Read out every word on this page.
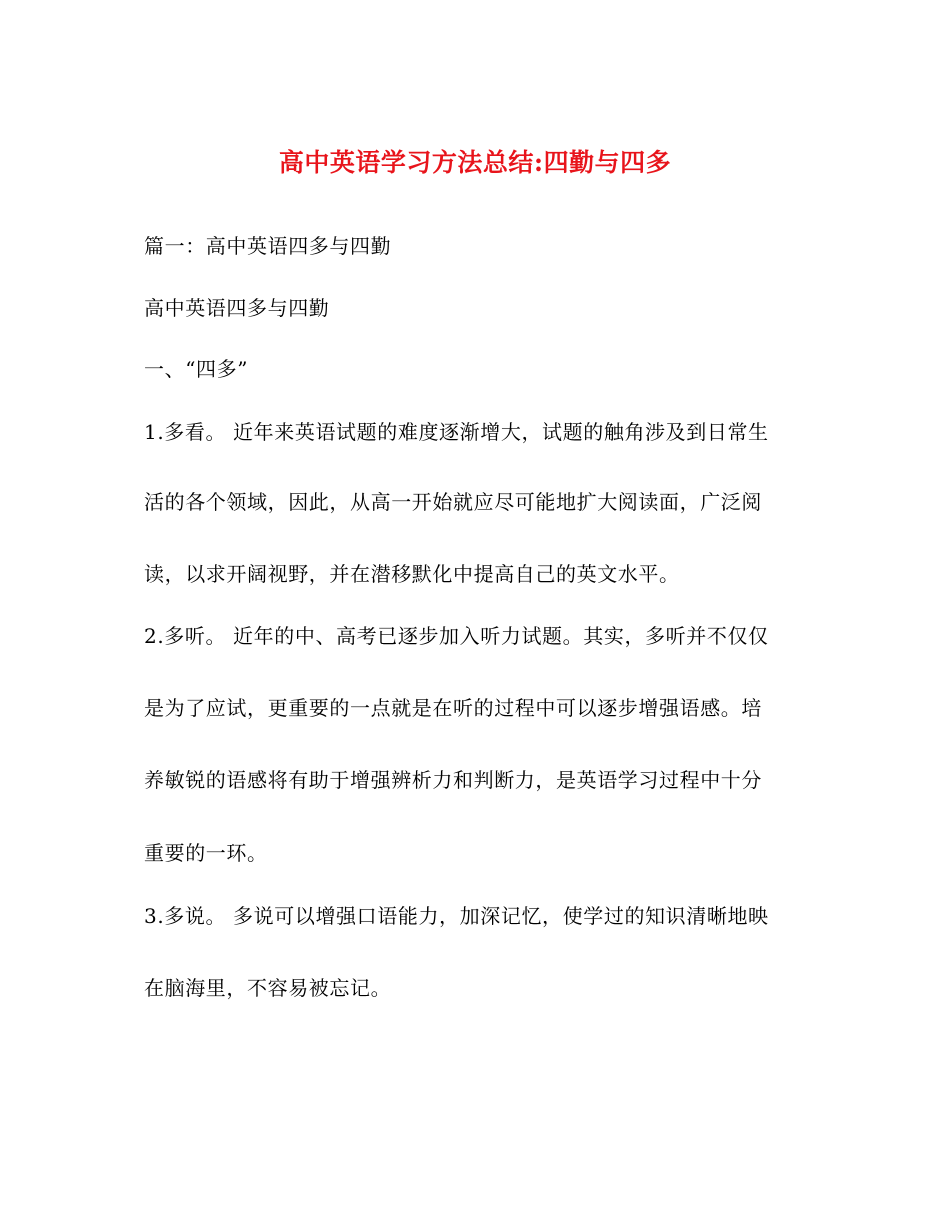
高中英语学习方法总结:四勤与四多
篇一：高中英语四多与四勤
高中英语四多与四勤
一、“四多”
1.多看。 近年来英语试题的难度逐渐增大，试题的触角涉及到日常生
活的各个领域，因此，从高一开始就应尽可能地扩大阅读面，广泛阅
读，以求开阔视野，并在潜移默化中提高自己的英文水平。
2.多听。 近年的中、高考已逐步加入听力试题。其实，多听并不仅仅
是为了应试，更重要的一点就是在听的过程中可以逐步增强语感。培
养敏锐的语感将有助于增强辨析力和判断力，是英语学习过程中十分
重要的一环。
3.多说。 多说可以增强口语能力，加深记忆，使学过的知识清晰地映
在脑海里，不容易被忘记。
